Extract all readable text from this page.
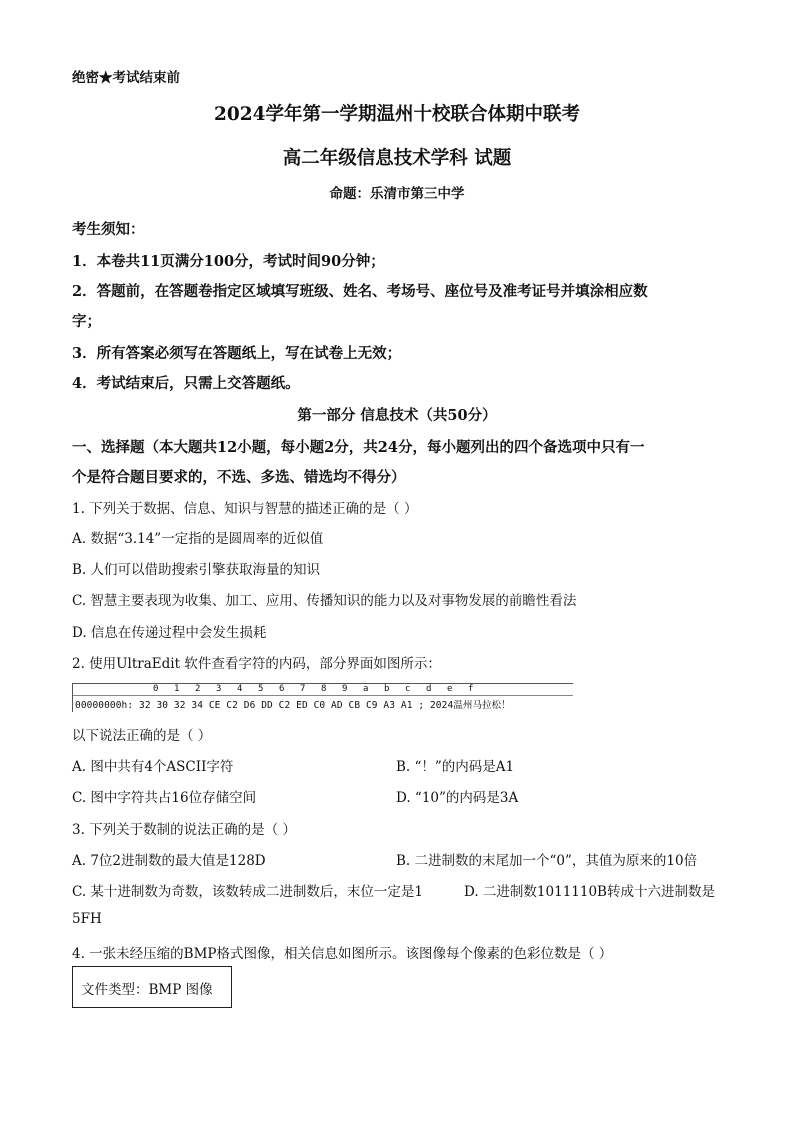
绝密★考试结束前
2024学年第一学期温州十校联合体期中联考
高二年级信息技术学科 试题
命题：乐清市第三中学
考生须知：
1．本卷共11页满分100分，考试时间90分钟；
2．答题前，在答题卷指定区域填写班级、姓名、考场号、座位号及准考证号并填涂相应数
字；
3．所有答案必须写在答题纸上，写在试卷上无效；
4．考试结束后，只需上交答题纸。
第一部分 信息技术（共50分）
一、选择题（本大题共12小题，每小题2分，共24分，每小题列出的四个备选项中只有一
个是符合题目要求的，不选、多选、错选均不得分）
1. 下列关于数据、信息、知识与智慧的描述正确的是（ ）
A. 数据“3.14”一定指的是圆周率的近似值
B. 人们可以借助搜索引擎获取海量的知识
C. 智慧主要表现为收集、加工、应用、传播知识的能力以及对事物发展的前瞻性看法
D. 信息在传递过程中会发生损耗
2. 使用UltraEdit 软件查看字符的内码，部分界面如图所示：
0 1 2 3 4 5 6 7 8 9 a b c d e f
00000000h: 32 30 32 34 CE C2 D6 DD C2 ED C0 AD CB C9 A3 A1 ; 2024温州马拉松！
以下说法正确的是（ ）
A. 图中共有4个ASCII字符	B. “！”的内码是A1
C. 图中字符共占16位存储空间	D. “10”的内码是3A
3. 下列关于数制的说法正确的是（ ）
A. 7位2进制数的最大值是128D	B. 二进制数的末尾加一个“0”，其值为原来的10倍
C. 某十进制数为奇数，该数转成二进制数后，末位一定是1	D. 二进制数1011110B转成十六进制数是
5FH
4. 一张未经压缩的BMP格式图像，相关信息如图所示。该图像每个像素的色彩位数是（ ）
文件类型：BMP 图像
